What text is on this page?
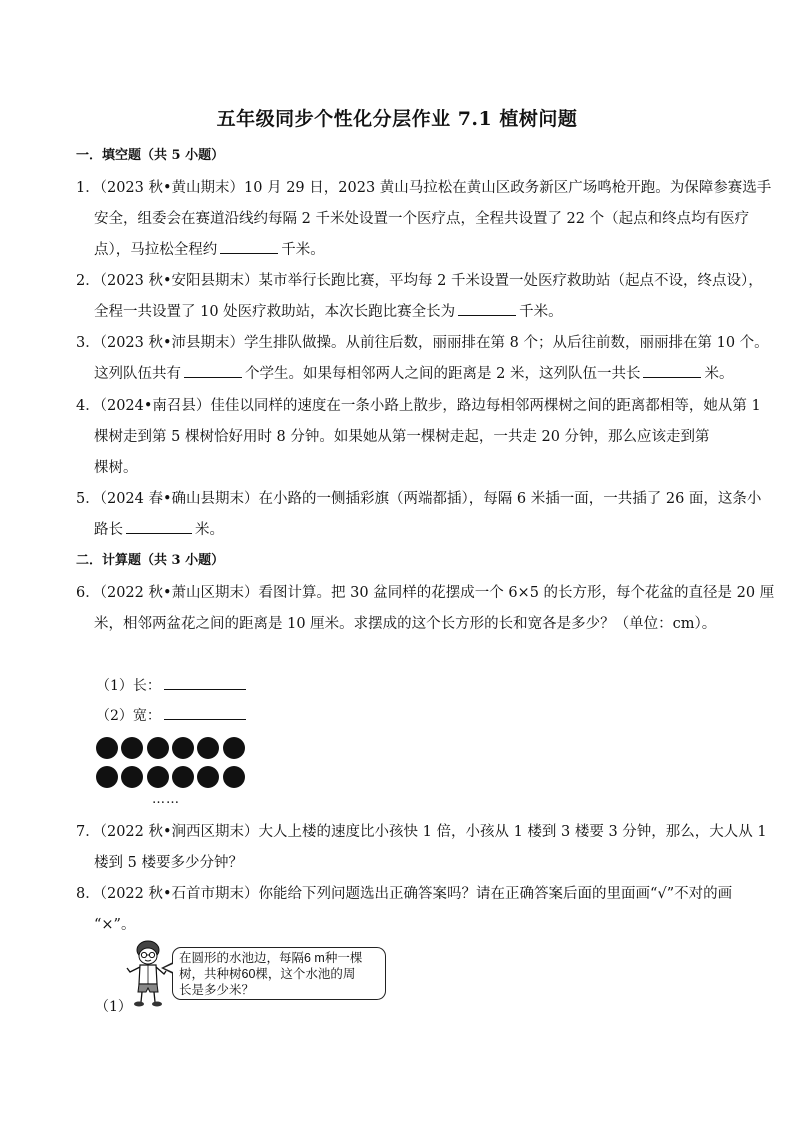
五年级同步个性化分层作业 7.1 植树问题
一．填空题（共 5 小题）
1．（2023 秋•黄山期末）10 月 29 日，2023 黄山马拉松在黄山区政务新区广场鸣枪开跑。为保障参赛选手
安全，组委会在赛道沿线约每隔 2 千米处设置一个医疗点，全程共设置了 22 个（起点和终点均有医疗
点），马拉松全程约	千米。
2．（2023 秋•安阳县期末）某市举行长跑比赛，平均每 2 千米设置一处医疗救助站（起点不设，终点设），
全程一共设置了 10 处医疗救助站，本次长跑比赛全长为	千米。
3．（2023 秋•沛县期末）学生排队做操。从前往后数，丽丽排在第 8 个；从后往前数，丽丽排在第 10 个。
这列队伍共有	个学生。如果每相邻两人之间的距离是 2 米，这列队伍一共长	米。
4．（2024•南召县）佳佳以同样的速度在一条小路上散步，路边每相邻两棵树之间的距离都相等，她从第 1
棵树走到第 5 棵树恰好用时 8 分钟。如果她从第一棵树走起，一共走 20 分钟，那么应该走到第
棵树。
5．（2024 春•确山县期末）在小路的一侧插彩旗（两端都插），每隔 6 米插一面，一共插了 26 面，这条小
路长	米。
二．计算题（共 3 小题）
6．（2022 秋•萧山区期末）看图计算。把 30 盆同样的花摆成一个 6×5 的长方形，每个花盆的直径是 20 厘
米，相邻两盆花之间的距离是 10 厘米。求摆成的这个长方形的长和宽各是多少？（单位：cm）。
（1）长：
（2）宽：
……
7．（2022 秋•涧西区期末）大人上楼的速度比小孩快 1 倍，小孩从 1 楼到 3 楼要 3 分钟，那么，大人从 1
楼到 5 楼要多少分钟？
8．（2022 秋•石首市期末）你能给下列问题选出正确答案吗？请在正确答案后面的里面画“√”不对的画
“×”。
在圆形的水池边，每隔6 m种一棵
树，共种树60棵，这个水池的周
长是多少米？
（1）
